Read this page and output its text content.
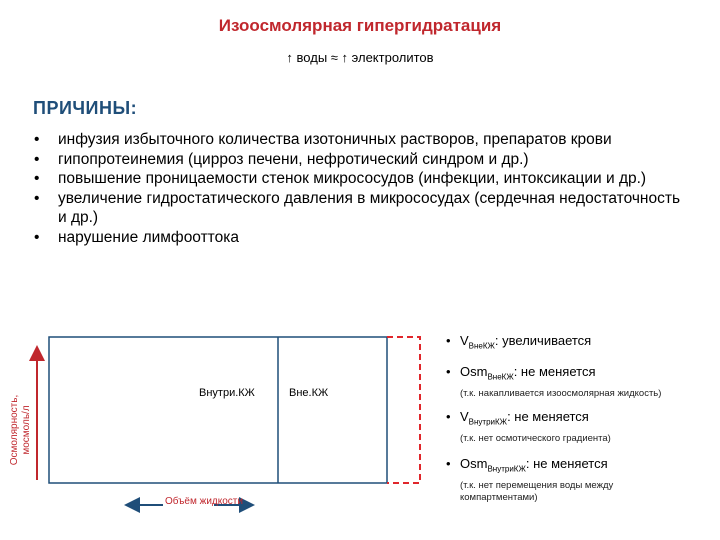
Изоосмолярная гипергидратация
↑ воды ≈ ↑ электролитов
ПРИЧИНЫ:
• инфузия избыточного количества изотоничных растворов, препаратов крови
• гипопротеинемия (цирроз печени, нефротический синдром и др.)
• повышение проницаемости стенок микрососудов (инфекции, интоксикации и др.)
• увеличение гидростатического давления в микрососудах (сердечная недостаточность и др.)
• нарушение лимфооттока
Внутри.КЖ	Вне.КЖ
Осмолярность, мосмоль/л
Объём жидкости
• $V_{ВнеКЖ}$: увеличивается
• Osm$_{ВнеКЖ}$: не меняется
(т.к. накапливается изоосмолярная жидкость)
• $V_{ВнутриКЖ}$: не меняется
(т.к. нет осмотического градиента)
• Osm$_{ВнутриКЖ}$: не меняется
(т.к. нет перемещения воды между компартментами)
